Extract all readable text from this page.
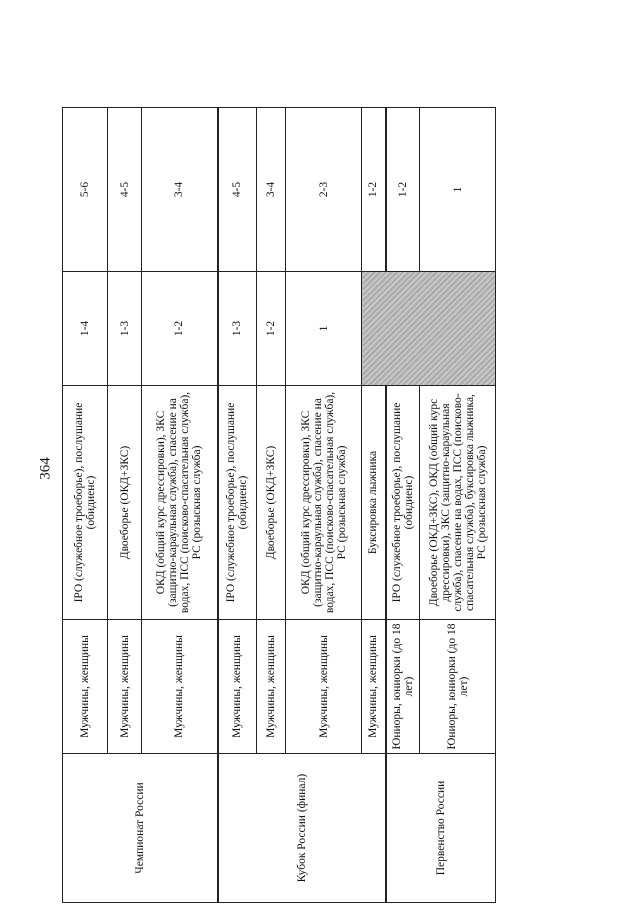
364
Чемпионат России	Мужчины, женщины	IPO (служебное троеборье), послушание (обидиенс)	1-4	5-6
	Мужчины, женщины	Двоеборье (ОКД+ЗКС)	1-3	4-5
	Мужчины, женщины	ОКД (общий курс дрессировки), ЗКС (защитно-караульная служба), спасение на водах, ПСС (поисково-спасательная служба), РС (розыскная служба)	1-2	3-4
Кубок России (финал)	Мужчины, женщины	IPO (служебное троеборье), послушание (обидиенс)	1-3	4-5
	Мужчины, женщины	Двоеборье (ОКД+ЗКС)	1-2	3-4
	Мужчины, женщины	ОКД (общий курс дрессировки), ЗКС (защитно-караульная служба), спасение на водах, ПСС (поисково-спасательная служба), РС (розыскная служба)	1	2-3
	Мужчины, женщины	Буксировка лыжника		1-2
Первенство России	Юниоры, юниорки (до 18 лет)	IPO (служебное троеборье), послушание (обидиенс)		1-2
	Юниоры, юниорки (до 18 лет)	Двоеборье (ОКД+ЗКС), ОКД (общий курс дрессировки), ЗКС (защитно-караульная служба), спасение на водах, ПСС (поисково-спасательная служба), буксировка лыжника, РС (розыскная служба)		1
